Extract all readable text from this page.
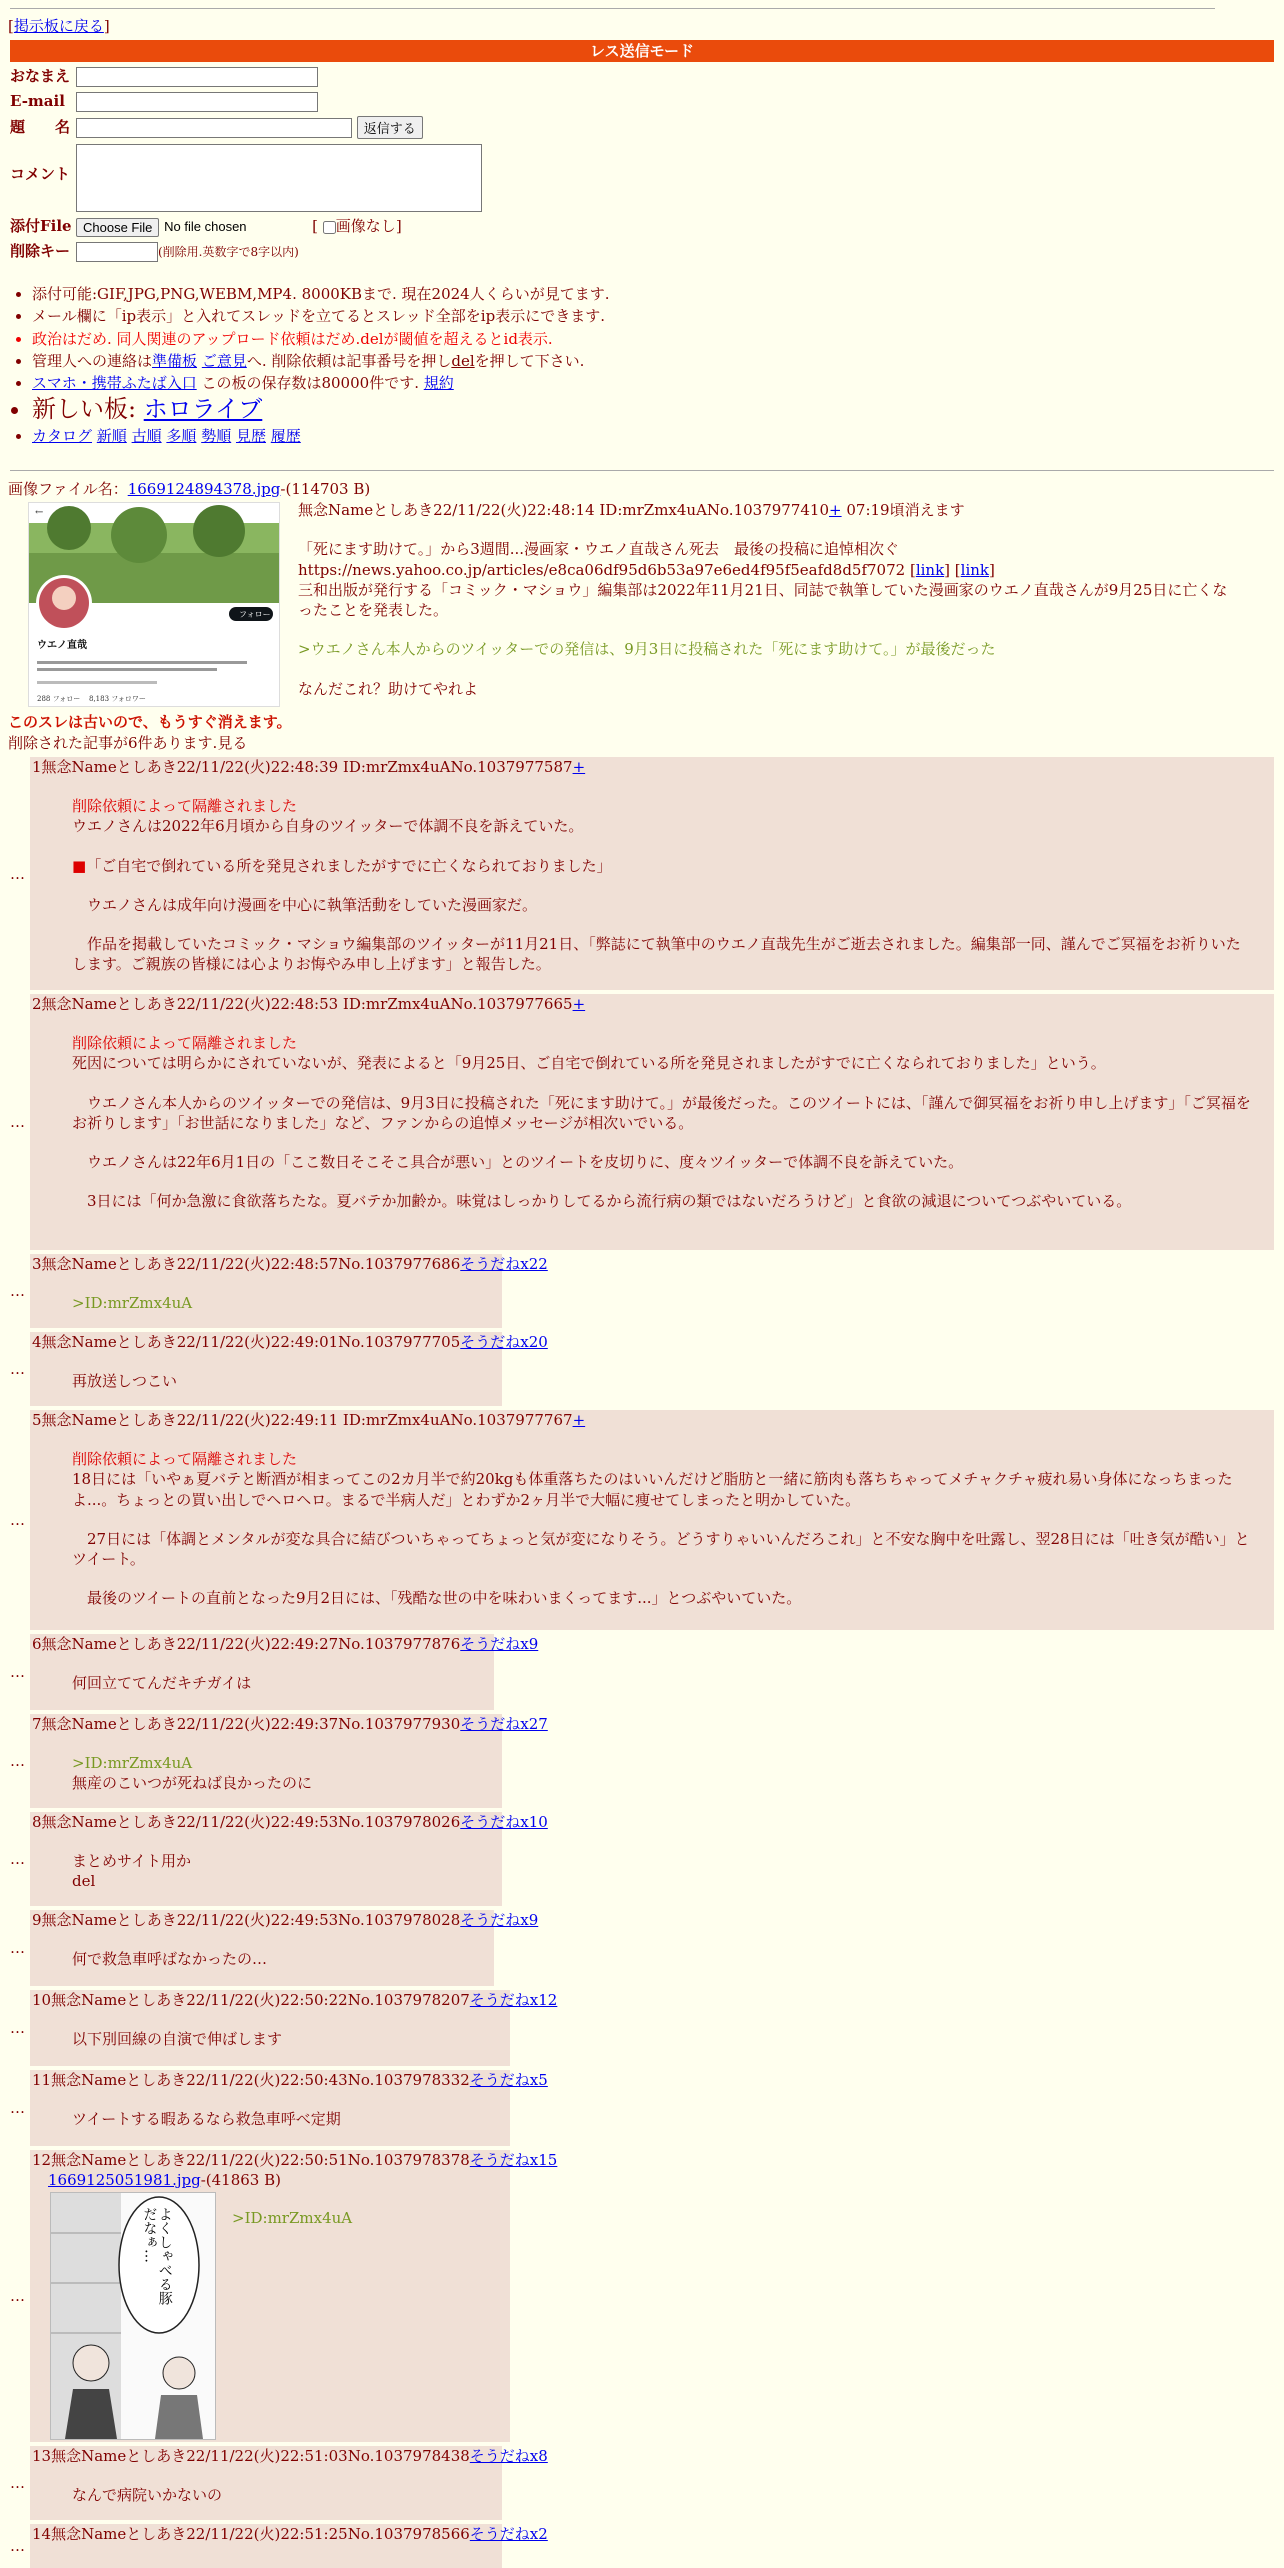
[掲示板に戻る]
レス送信モード
おなまえ
E-mail
題　　名	返信する
コメント
添付File Choose File No file chosen	[ 画像なし]
削除キー	(削除用.英数字で8字以内)
• 添付可能:GIF,JPG,PNG,WEBM,MP4. 8000KBまで. 現在2024人くらいが見てます.
• メール欄に「ip表示」と入れてスレッドを立てるとスレッド全部をip表示にできます.
• 政治はだめ. 同人関連のアップロード依頼はだめ.delが閾値を超えるとid表示.
• 管理人への連絡は準備板 ご意見へ. 削除依頼は記事番号を押しdelを押して下さい.
• スマホ・携帯ふたば入口 この板の保存数は80000件です. 規約
• 新しい板: ホロライブ
• カタログ 新順 古順 多順 勢順 見歴 履歴
画像ファイル名：1669124894378.jpg-(114703 B)
←
フォロー
ウエノ直哉
288 フォロー 8,183 フォロワー
無念Nameとしあき22/11/22(火)22:48:14 ID:mrZmx4uANo.1037977410+ 07:19頃消えます
「死にます助けて。」から3週間...漫画家・ウエノ直哉さん死去　最後の投稿に追悼相次ぐ
https://news.yahoo.co.jp/articles/e8ca06df95d6b53a97e6ed4f95f5eafd8d5f7072 [link] [link]
三和出版が発行する「コミック・マショウ」編集部は2022年11月21日、同誌で執筆していた漫画家のウエノ直哉さんが9月25日に亡くなったことを発表した。
>ウエノさん本人からのツイッターでの発信は、9月3日に投稿された「死にます助けて。」が最後だった
なんだこれ？助けてやれよ
このスレは古いので、もうすぐ消えます。
削除された記事が6件あります.見る
…
1無念Nameとしあき22/11/22(火)22:48:39 ID:mrZmx4uANo.1037977587+
削除依頼によって隔離されました
ウエノさんは2022年6月頃から自身のツイッターで体調不良を訴えていた。
■「ご自宅で倒れている所を発見されましたがすでに亡くなられておりました」
　ウエノさんは成年向け漫画を中心に執筆活動をしていた漫画家だ。
　作品を掲載していたコミック・マショウ編集部のツイッターが11月21日、「弊誌にて執筆中のウエノ直哉先生がご逝去されました。編集部一同、謹んでご冥福をお祈りいたします。ご親族の皆様には心よりお悔やみ申し上げます」と報告した。
…
2無念Nameとしあき22/11/22(火)22:48:53 ID:mrZmx4uANo.1037977665+
削除依頼によって隔離されました
死因については明らかにされていないが、発表によると「9月25日、ご自宅で倒れている所を発見されましたがすでに亡くなられておりました」という。
　ウエノさん本人からのツイッターでの発信は、9月3日に投稿された「死にます助けて。」が最後だった。このツイートには、「謹んで御冥福をお祈り申し上げます」「ご冥福をお祈りします」「お世話になりました」など、ファンからの追悼メッセージが相次いでいる。
　ウエノさんは22年6月1日の「ここ数日そこそこ具合が悪い」とのツイートを皮切りに、度々ツイッターで体調不良を訴えていた。
　3日には「何か急激に食欲落ちたな。夏バテか加齢か。味覚はしっかりしてるから流行病の類ではないだろうけど」と食欲の減退についてつぶやいている。
…
3無念Nameとしあき22/11/22(火)22:48:57No.1037977686そうだねx22
>ID:mrZmx4uA
…
4無念Nameとしあき22/11/22(火)22:49:01No.1037977705そうだねx20
再放送しつこい
…
5無念Nameとしあき22/11/22(火)22:49:11 ID:mrZmx4uANo.1037977767+
削除依頼によって隔離されました
18日には「いやぁ夏バテと断酒が相まってこの2カ月半で約20kgも体重落ちたのはいいんだけど脂肪と一緒に筋肉も落ちちゃってメチャクチャ疲れ易い身体になっちまったよ...。ちょっとの買い出しでヘロヘロ。まるで半病人だ」とわずか2ヶ月半で大幅に痩せてしまったと明かしていた。
　27日には「体調とメンタルが変な具合に結びついちゃってちょっと気が変になりそう。どうすりゃいいんだろこれ」と不安な胸中を吐露し、翌28日には「吐き気が酷い」とツイート。
　最後のツイートの直前となった9月2日には、「残酷な世の中を味わいまくってます...」とつぶやいていた。
…
6無念Nameとしあき22/11/22(火)22:49:27No.1037977876そうだねx9
何回立ててんだキチガイは
…
7無念Nameとしあき22/11/22(火)22:49:37No.1037977930そうだねx27
>ID:mrZmx4uA
無産のこいつが死ねば良かったのに
…
8無念Nameとしあき22/11/22(火)22:49:53No.1037978026そうだねx10
まとめサイト用か
del
…
9無念Nameとしあき22/11/22(火)22:49:53No.1037978028そうだねx9
何で救急車呼ばなかったの…
…
10無念Nameとしあき22/11/22(火)22:50:22No.1037978207そうだねx12
以下別回線の自演で伸ばします
…
11無念Nameとしあき22/11/22(火)22:50:43No.1037978332そうだねx5
ツイートする暇あるなら救急車呼べ定期
…
12無念Nameとしあき22/11/22(火)22:50:51No.1037978378そうだねx15
1669125051981.jpg-(41863 B)
よくしゃべる豚だなぁ…	>ID:mrZmx4uA
…
13無念Nameとしあき22/11/22(火)22:51:03No.1037978438そうだねx8
なんで病院いかないの
…
14無念Nameとしあき22/11/22(火)22:51:25No.1037978566そうだねx2
